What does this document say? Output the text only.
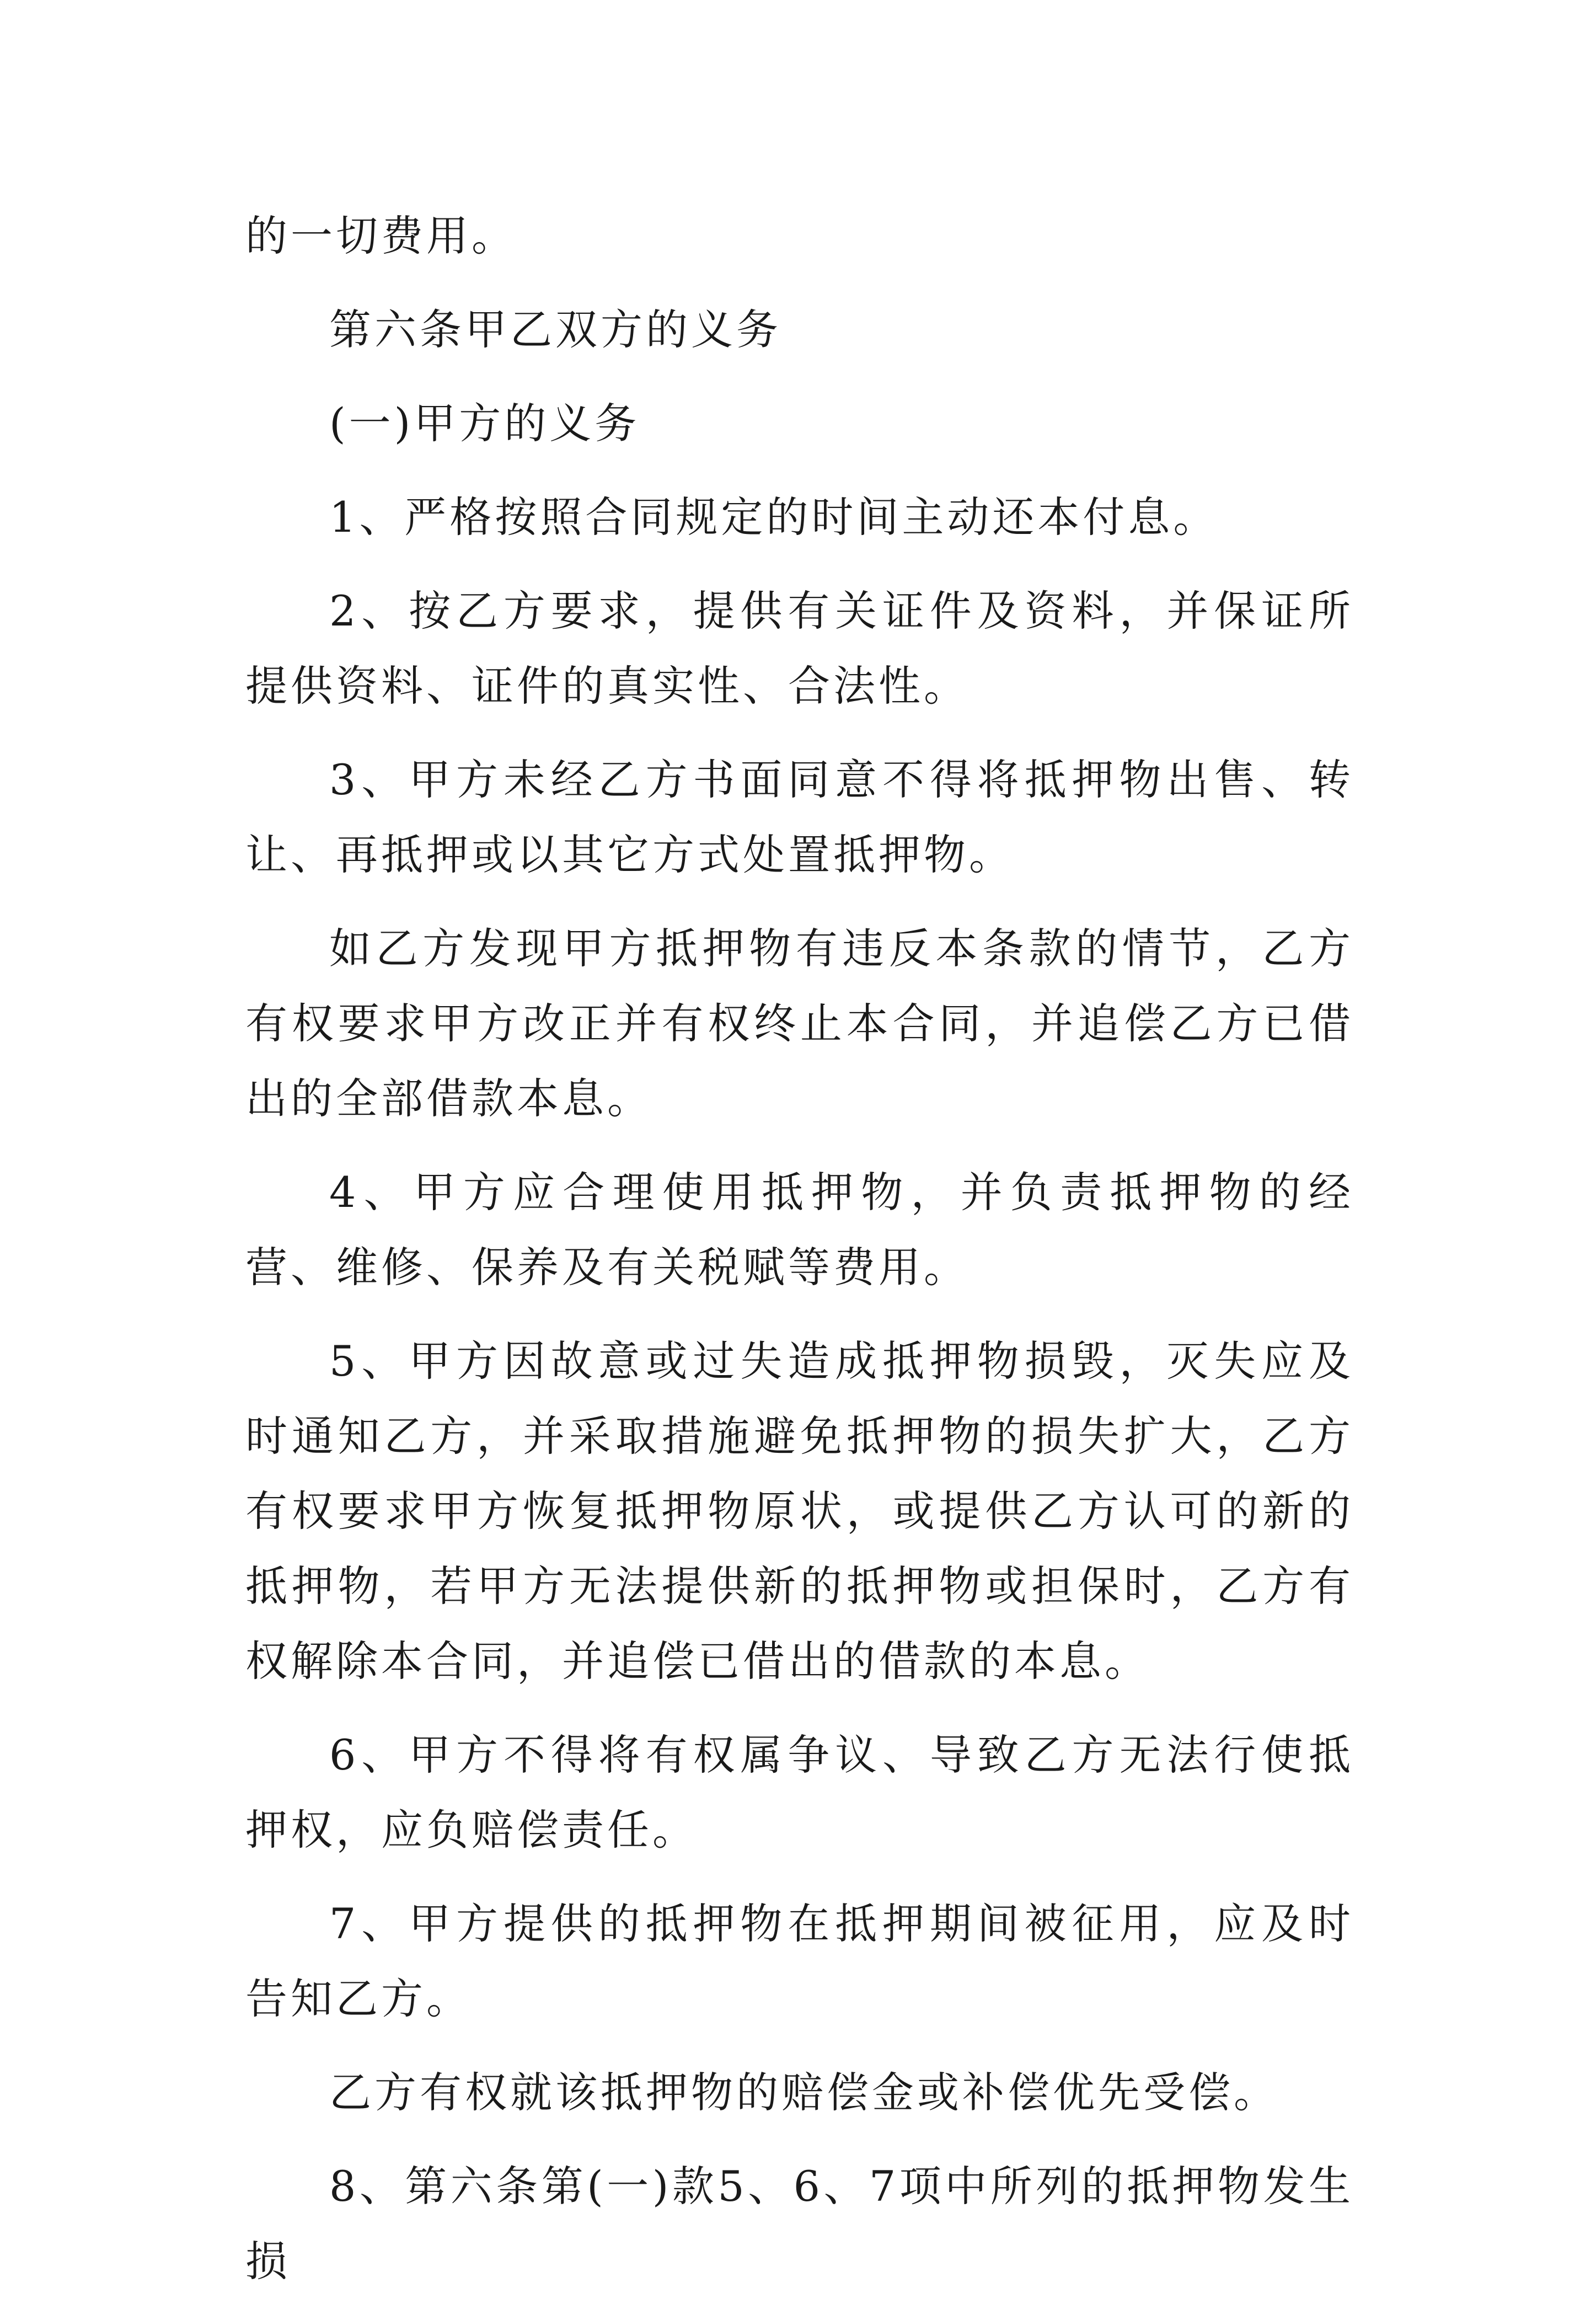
的一切费用。

第六条甲乙双方的义务

(一)甲方的义务

1、严格按照合同规定的时间主动还本付息。

2、按乙方要求，提供有关证件及资料，并保证所提供资料、证件的真实性、合法性。

3、甲方未经乙方书面同意不得将抵押物出售、转让、再抵押或以其它方式处置抵押物。

如乙方发现甲方抵押物有违反本条款的情节，乙方有权要求甲方改正并有权终止本合同，并追偿乙方已借出的全部借款本息。

4、甲方应合理使用抵押物，并负责抵押物的经营、维修、保养及有关税赋等费用。

5、甲方因故意或过失造成抵押物损毁，灭失应及时通知乙方，并采取措施避免抵押物的损失扩大，乙方有权要求甲方恢复抵押物原状，或提供乙方认可的新的抵押物，若甲方无法提供新的抵押物或担保时，乙方有权解除本合同，并追偿已借出的借款的本息。

6、甲方不得将有权属争议、导致乙方无法行使抵押权，应负赔偿责任。

7、甲方提供的抵押物在抵押期间被征用，应及时告知乙方。

乙方有权就该抵押物的赔偿金或补偿优先受偿。

8、第六条第(一)款5、6、7项中所列的抵押物发生损
